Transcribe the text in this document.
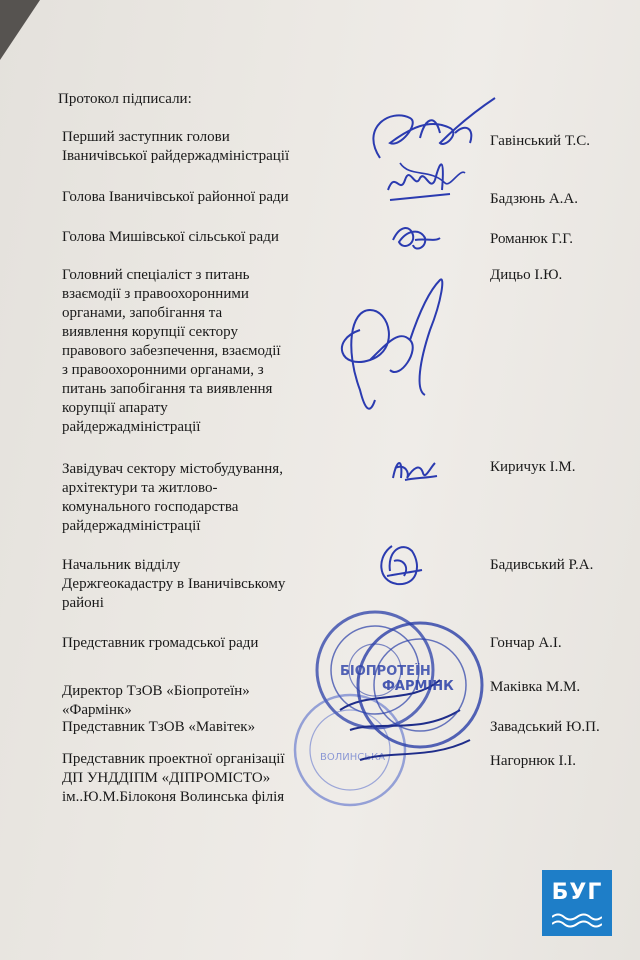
Протокол підписали:
Перший заступник голови
Іваничівської райдержадміністрації
Гавінський Т.С.
Голова Іваничівської районної ради	Бадзюнь А.А.
Голова Мишівської сільської ради	Романюк Г.Г.
Головний спеціаліст з питань
взаємодії з правоохоронними
органами, запобігання та
виявлення корупції сектору
правового забезпечення, взаємодії
з правоохоронними органами, з
питань запобігання та виявлення
корупції апарату
райдержадміністрації
Дицьо І.Ю.
Завідувач сектору містобудування,
архітектури та житлово-
комунального господарства
райдержадміністрації
Киричук І.М.
Начальник відділу
Держгеокадастру в Іваничівському
районі
Бадивський Р.А.
Представник громадської ради	Гончар А.І.
Директор ТзОВ «Біопротеїн»
«Фармінк»
Маківка М.М.
Представник ТзОВ «Мавітек»	Завадський Ю.П.
Представник проектної організації
ДП УНДДІПМ «ДІПРОМІСТО»
ім..Ю.М.Білоконя Волинська філія
Нагорнюк І.І.
БІОПРОТЕЇН
ВОЛИНСЬКА
ФАРМІНК
БУГ
